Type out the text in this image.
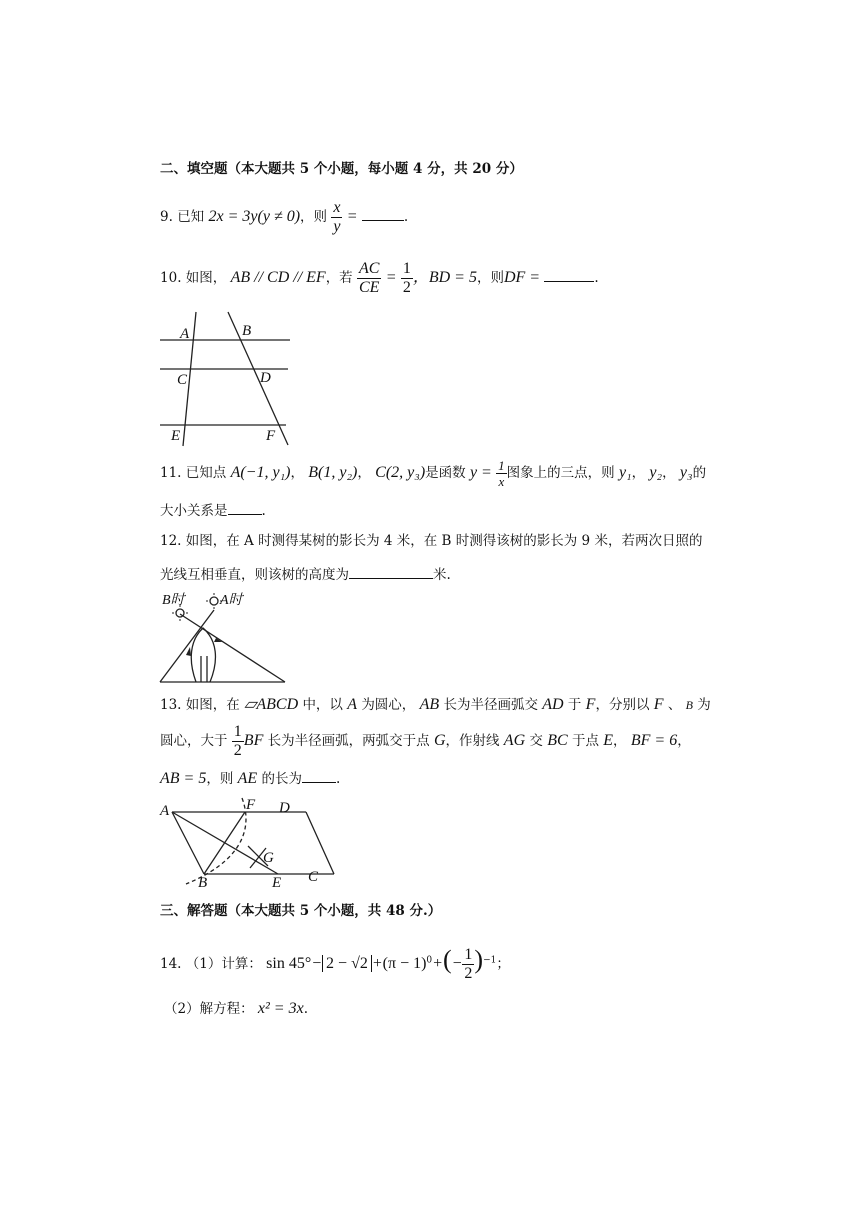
二、填空题（本大题共 5 个小题，每小题 4 分，共 20 分）
9. 已知 2x = 3y(y ≠ 0)，则 $\frac{x}{y}$ =	.
10. 如图， AB // CD // EF，若 $\frac{AC}{CE} = \frac{1}{2}$ ，BD = 5，则DF =	.
A	B
C	D
E	F
11. 已知点 A(−1, y₁)， B(1, y₂)， C(2, y₃)是函数 $y = \frac{1}{x}$ 图象上的三点，则 y₁， y₂， y₃的
大小关系是	.
12. 如图，在 A 时测得某树的影长为 4 米，在 B 时测得该树的影长为 9 米，若两次日照的
光线互相垂直，则该树的高度为	米.
B时	A时
13. 如图，在 ▱ABCD 中，以 A 为圆心， AB 长为半径画弧交 AD 于 F，分别以 F 、 B 为
圆心，大于 $\frac{1}{2}$ BF 长为半径画弧，两弧交于点 G，作射线 AG 交 BC 于点 E， BF = 6，
AB = 5，则 AE 的长为	.
A	F D
G
B	E C
三、解答题（本大题共 5 个小题，共 48 分.）
14. （1）计算： $\sin 45^\circ- 2 - √2 +(\pi - 1)^0+(- \frac{1}{2} )^{-1}$；
（2）解方程： x² = 3x.
